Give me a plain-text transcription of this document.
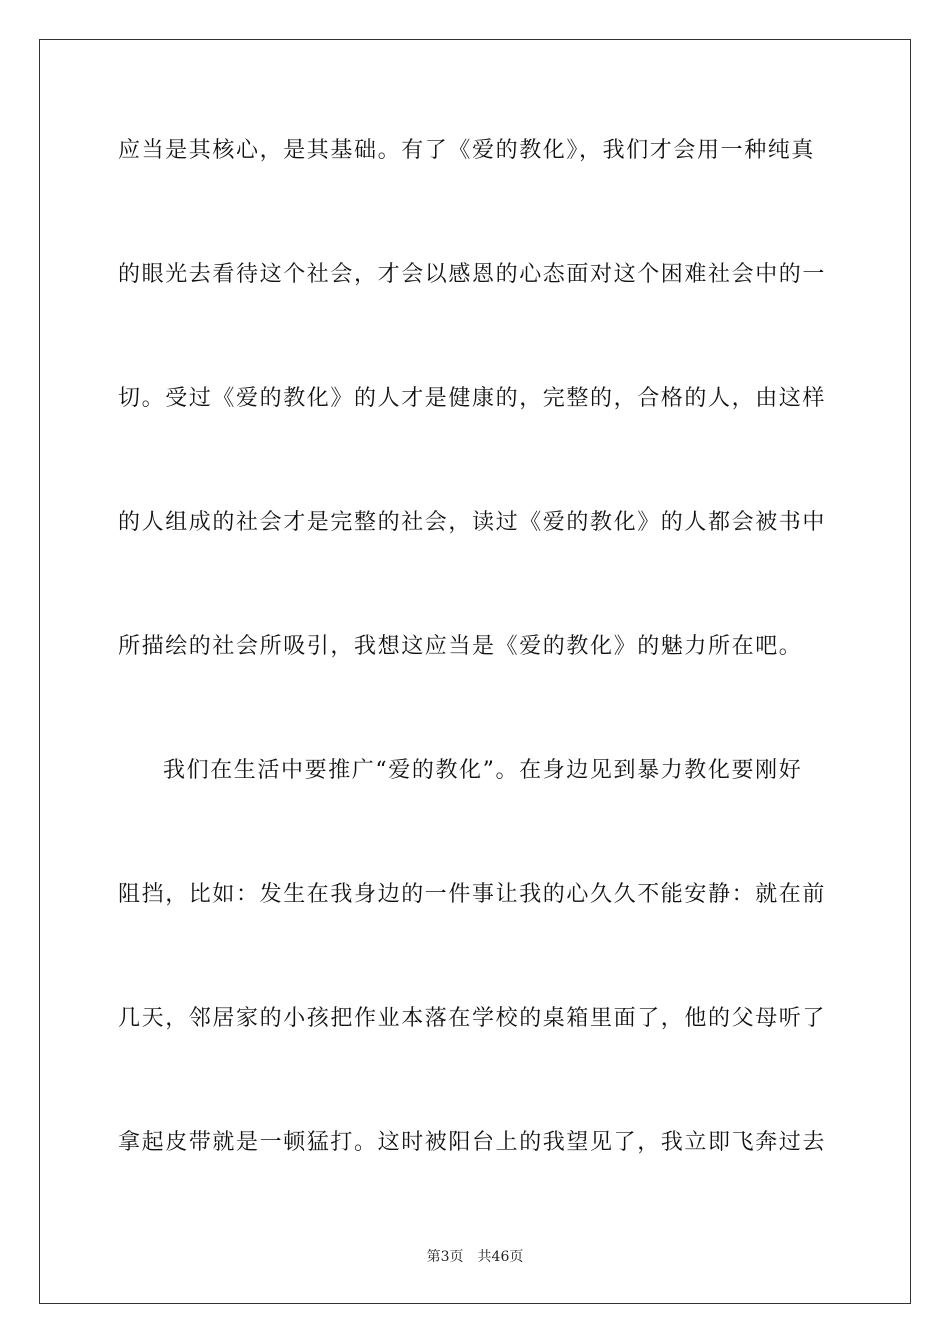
应当是其核心，是其基础。有了《爱的教化》，我们才会用一种纯真
的眼光去看待这个社会，才会以感恩的心态面对这个困难社会中的一
切。受过《爱的教化》的人才是健康的，完整的，合格的人，由这样
的人组成的社会才是完整的社会，读过《爱的教化》的人都会被书中
所描绘的社会所吸引，我想这应当是《爱的教化》的魅力所在吧。
我们在生活中要推广“爱的教化”。在身边见到暴力教化要刚好
阻挡，比如：发生在我身边的一件事让我的心久久不能安静：就在前
几天，邻居家的小孩把作业本落在学校的桌箱里面了，他的父母听了
拿起皮带就是一顿猛打。这时被阳台上的我望见了，我立即飞奔过去
第3页 共46页
